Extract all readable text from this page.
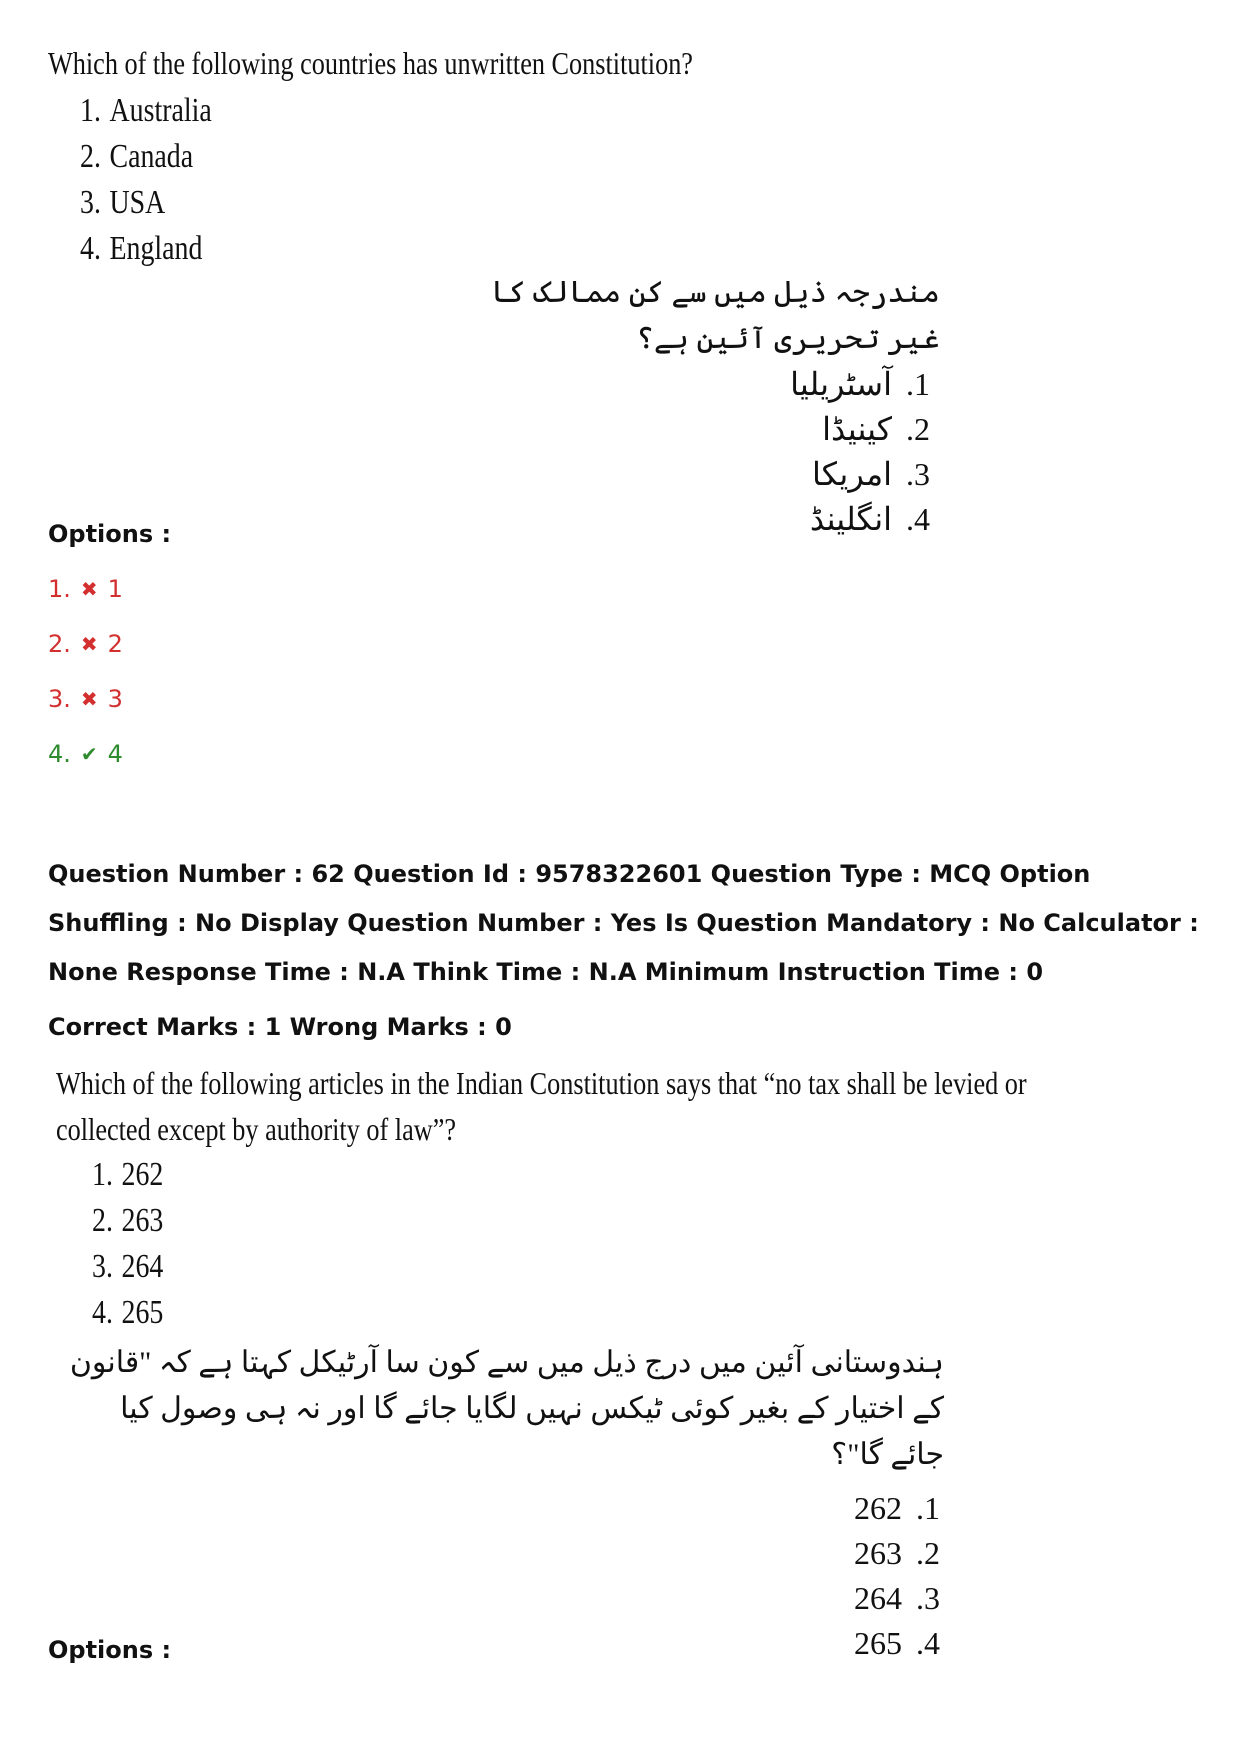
Which of the following countries has unwritten Constitution?
1. Australia
2. Canada
3. USA
4. England
مندرجہ ذیل میں سے کن ممالک کا غیر تحریری آئین ہے؟
1.آسٹریلیا
2.کینیڈا
3.امریکا
4.انگلینڈ
Options :
1. ✖ 1
2. ✖ 2
3. ✖ 3
4. ✔ 4
Question Number : 62 Question Id : 9578322601 Question Type : MCQ Option Shuffling : No Display Question Number : Yes Is Question Mandatory : No Calculator : None Response Time : N.A Think Time : N.A Minimum Instruction Time : 0
Correct Marks : 1 Wrong Marks : 0
Which of the following articles in the Indian Constitution says that “no tax shall be levied or
collected except by authority of law”?
1. 262
2. 263
3. 264
4. 265
ہندوستانی آئین میں درج ذیل میں سے کون سا آرٹیکل کہتا ہے کہ "قانون کے اختیار کے بغیر کوئی ٹیکس نہیں لگایا جائے گا اور نہ ہی وصول کیا جائے گا"؟
1.262
2.263
3.264
4.265
Options :
